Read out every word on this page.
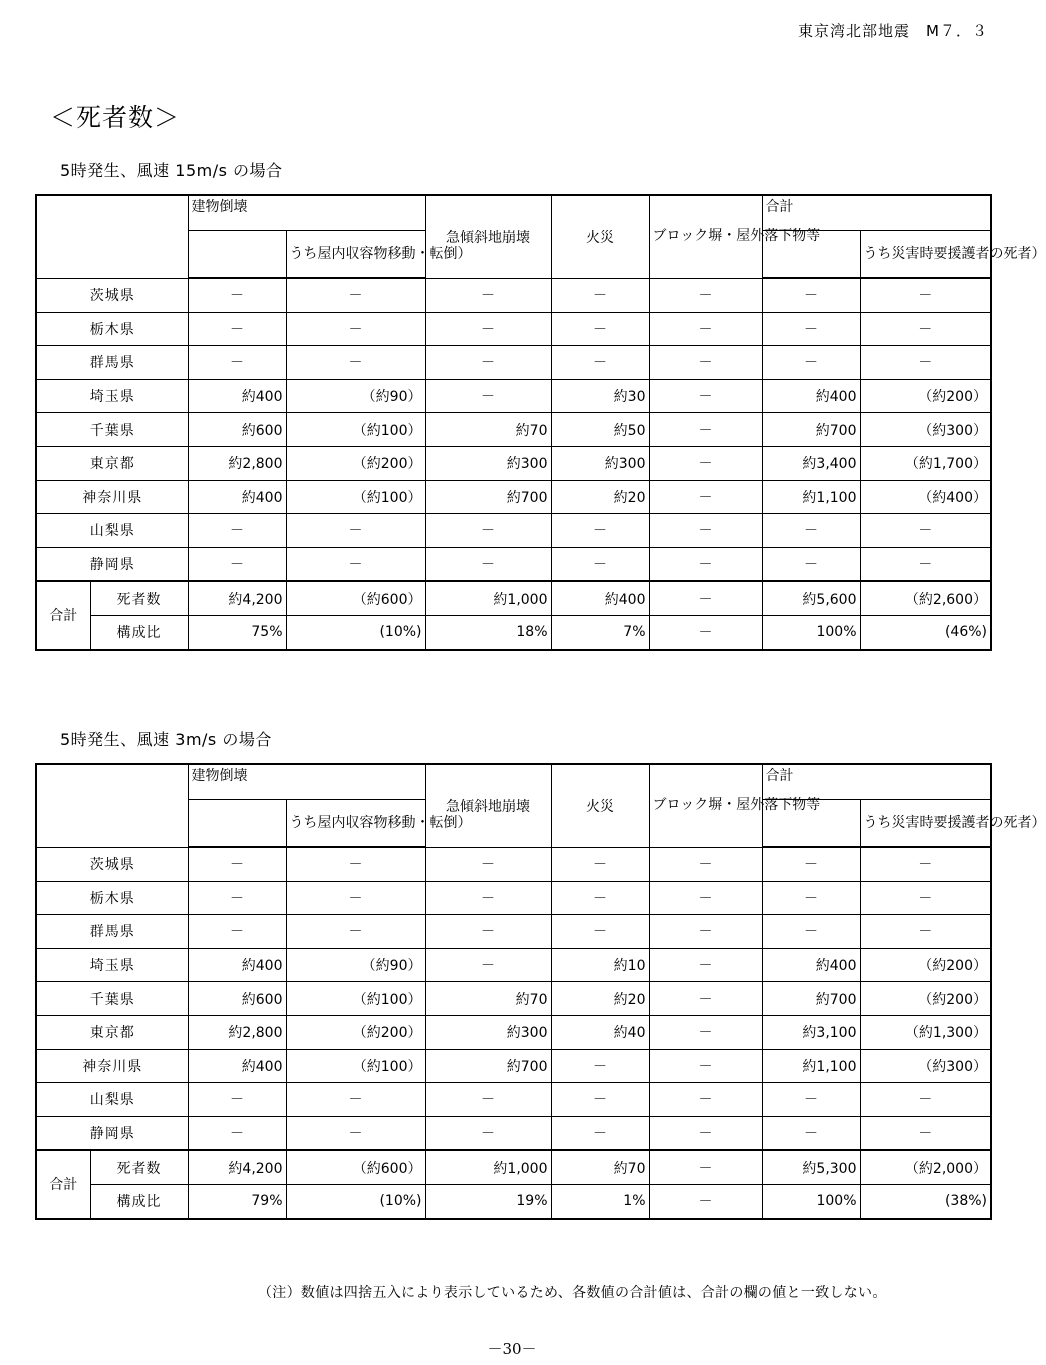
東京湾北部地震　M７．３
＜死者数＞
5時発生、風速 15m/s の場合
		建物倒壊		急傾斜地崩壊	火災	ブロック塀・屋外落下物等	合計	
			うち屋内収容物移動・転倒）					うち災害時要援護者の死者）
茨城県		－	－	－	－	－	－	－
栃木県		－	－	－	－	－	－	－
群馬県		－	－	－	－	－	－	－
埼玉県		約400	（約90）	－	約30	－	約400	（約200）
千葉県		約600	（約100）	約70	約50	－	約700	（約300）
東京都		約2,800	（約200）	約300	約300	－	約3,400	（約1,700）
神奈川県		約400	（約100）	約700	約20	－	約1,100	（約400）
山梨県		－	－	－	－	－	－	－
静岡県		－	－	－	－	－	－	－
合計	死者数	約4,200	（約600）	約1,000	約400	－	約5,600	（約2,600）
	構成比	75%	(10%)	18%	7%	－	100%	(46%)
5時発生、風速 3m/s の場合
		建物倒壊		急傾斜地崩壊	火災	ブロック塀・屋外落下物等	合計	
			うち屋内収容物移動・転倒）					うち災害時要援護者の死者）
茨城県		－	－	－	－	－	－	－
栃木県		－	－	－	－	－	－	－
群馬県		－	－	－	－	－	－	－
埼玉県		約400	（約90）	－	約10	－	約400	（約200）
千葉県		約600	（約100）	約70	約20	－	約700	（約200）
東京都		約2,800	（約200）	約300	約40	－	約3,100	（約1,300）
神奈川県		約400	（約100）	約700	－	－	約1,100	（約300）
山梨県		－	－	－	－	－	－	－
静岡県		－	－	－	－	－	－	－
合計	死者数	約4,200	（約600）	約1,000	約70	－	約5,300	（約2,000）
	構成比	79%	(10%)	19%	1%	－	100%	(38%)
（注）数値は四捨五入により表示しているため、各数値の合計値は、合計の欄の値と一致しない。
－30－
